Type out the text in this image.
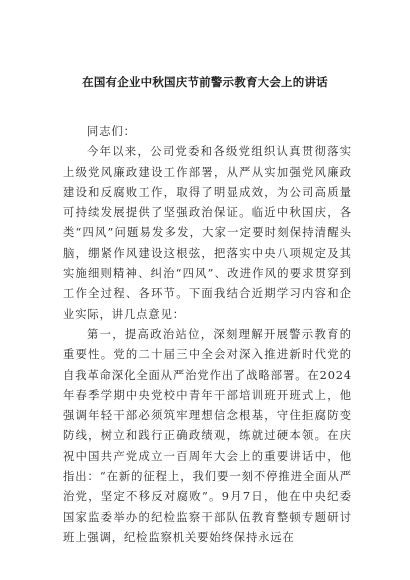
在国有企业中秋国庆节前警示教育大会上的讲话

同志们：

今年以来，公司党委和各级党组织认真贯彻落实上级党风廉政建设工作部署，从严从实加强党风廉政建设和反腐败工作，取得了明显成效，为公司高质量可持续发展提供了坚强政治保证。临近中秋国庆，各类“四风”问题易发多发，大家一定要时刻保持清醒头脑，绷紧作风建设这根弦，把落实中央八项规定及其实施细则精神、纠治“四风”、改进作风的要求贯穿到工作全过程、各环节。下面我结合近期学习内容和企业实际，讲几点意见：

第一，提高政治站位，深刻理解开展警示教育的重要性。党的二十届三中全会对深入推进新时代党的自我革命深化全面从严治党作出了战略部署。在2024年春季学期中央党校中青年干部培训班开班式上，他强调年轻干部必须筑牢理想信念根基，守住拒腐防变防线，树立和践行正确政绩观，练就过硬本领。在庆祝中国共产党成立一百周年大会上的重要讲话中，他指出：“在新的征程上，我们要一刻不停推进全面从严治党，坚定不移反对腐败”。9月7日，他在中央纪委国家监委举办的纪检监察干部队伍教育整顿专题研讨班上强调，纪检监察机关要始终保持永远在
